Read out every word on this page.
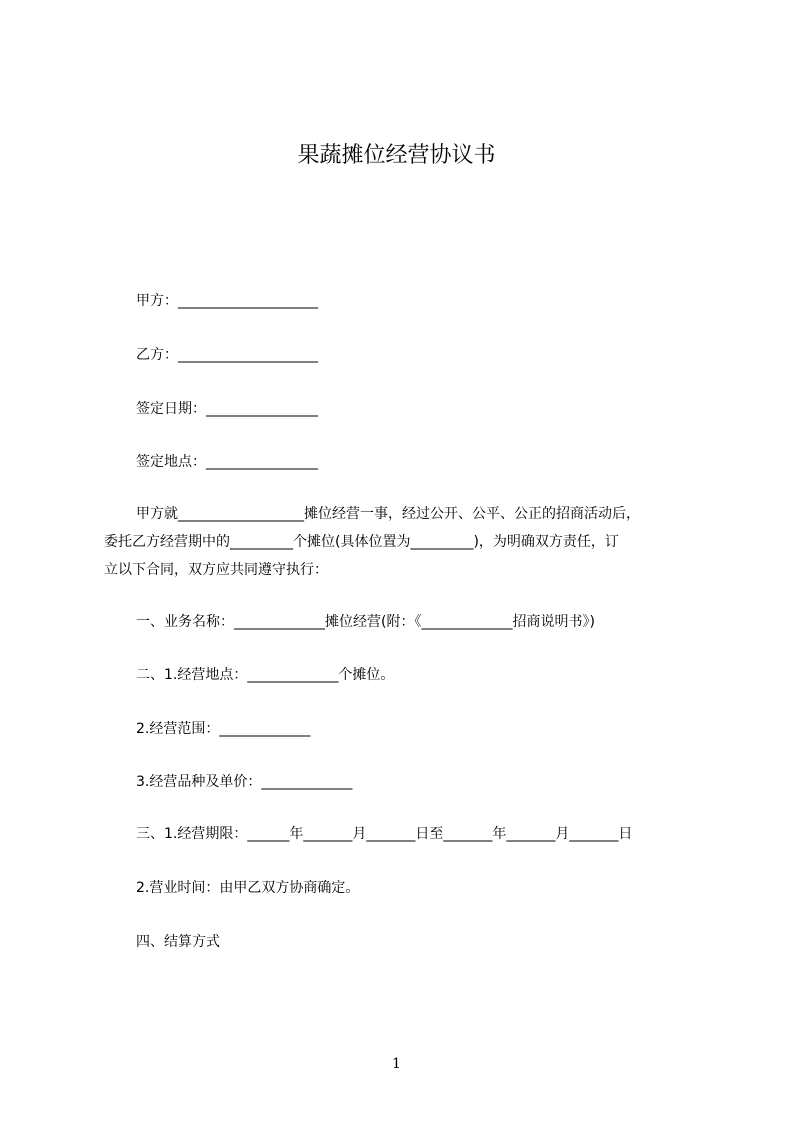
果蔬摊位经营协议书
甲方：____________________
乙方：____________________
签定日期：________________
签定地点：________________
甲方就__________________摊位经营一事，经过公开、公平、公正的招商活动后，
委托乙方经营期中的_________个摊位(具体位置为_________)，为明确双方责任，订
立以下合同，双方应共同遵守执行：
一、业务名称：_____________摊位经营(附：《_____________招商说明书》)
二、1.经营地点：_____________个摊位。
2.经营范围：_____________
3.经营品种及单价：_____________
三、1.经营期限：______年_______月_______日至_______年_______月_______日
2.营业时间：由甲乙双方协商确定。
四、结算方式
1
